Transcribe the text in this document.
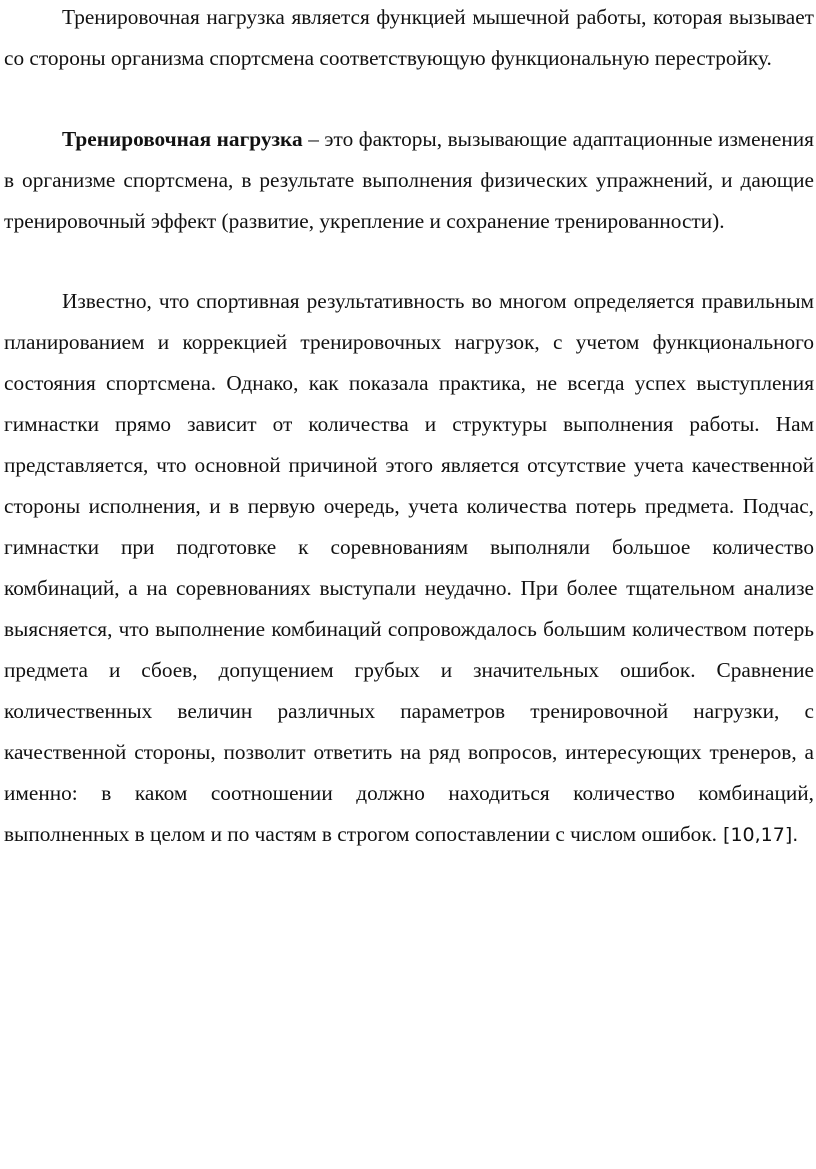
Тренировочная нагрузка является функцией мышечной работы, которая вызывает со стороны организма спортсмена соответствующую функциональную перестройку.

Тренировочная нагрузка – это факторы, вызывающие адаптационные изменения в организме спортсмена, в результате выполнения физических упражнений, и дающие тренировочный эффект (развитие, укрепление и сохранение тренированности).

Известно, что спортивная результативность во многом определяется правильным планированием и коррекцией тренировочных нагрузок, с учетом функционального состояния спортсмена. Однако, как показала практика, не всегда успех выступления гимнастки прямо зависит от количества и структуры выполнения работы. Нам представляется, что основной причиной этого является отсутствие учета качественной стороны исполнения, и в первую очередь, учета количества потерь предмета. Подчас, гимнастки при подготовке к соревнованиям выполняли большое количество комбинаций, а на соревнованиях выступали неудачно. При более тщательном анализе выясняется, что выполнение комбинаций сопровождалось большим количеством потерь предмета и сбоев, допущением грубых и значительных ошибок. Сравнение количественных величин различных параметров тренировочной нагрузки, с качественной стороны, позволит ответить на ряд вопросов, интересующих тренеров, а именно: в каком соотношении должно находиться количество комбинаций, выполненных в целом и по частям в строгом сопоставлении с числом ошибок. [10,17].
